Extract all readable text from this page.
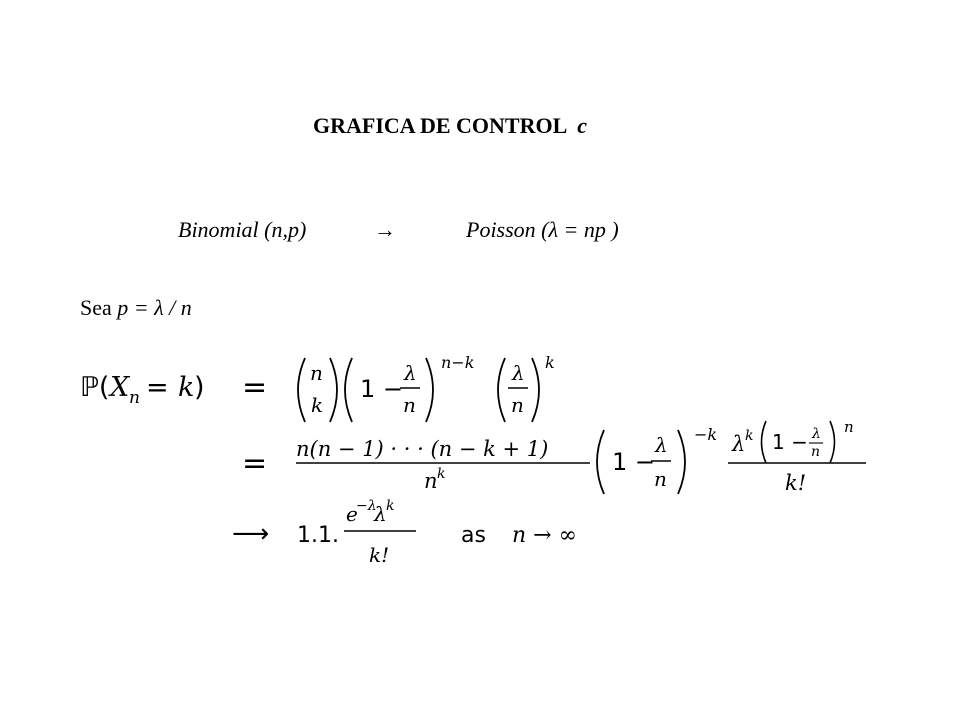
GRAFICA DE CONTROL c
Binomial (n,p)	→	Poisson (λ = np )
Sea p = λ / n
ℙ( X n = k ) = n
k
1 −
λ
n
n−k λ
n
k
= n(n − 1) · · · (n − k + 1)
n k	1 −
λ
n
−k λ k 1 − λ
n
n
k!
⟶ 1.1.
e
−λ
λ k
k!
as n → ∞
